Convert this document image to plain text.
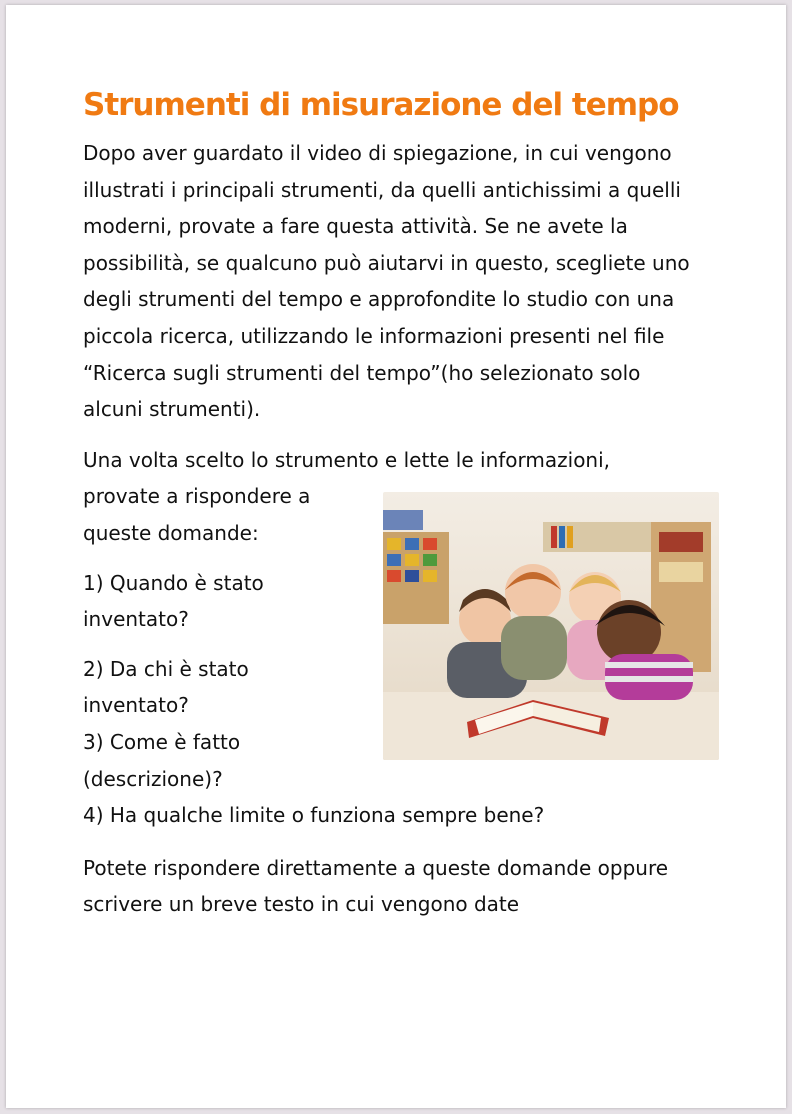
Strumenti di misurazione del tempo

Dopo aver guardato il video di spiegazione, in cui vengono illustrati i principali strumenti, da quelli antichissimi a quelli moderni, provate a fare questa attività. Se ne avete la possibilità, se qualcuno può aiutarvi in questo, scegliete uno degli strumenti del tempo e approfondite lo studio con una piccola ricerca, utilizzando le informazioni presenti nel file “Ricerca sugli strumenti del tempo”(ho selezionato solo alcuni strumenti).

Una volta scelto lo strumento e lette le informazioni,

provate a rispondere a

queste domande:

1) Quando è stato

inventato?

2) Da chi è stato

inventato?

3) Come è fatto

(descrizione)?

4) Ha qualche limite o funziona sempre bene?

Potete rispondere direttamente a queste domande oppure scrivere un breve testo in cui vengono date
